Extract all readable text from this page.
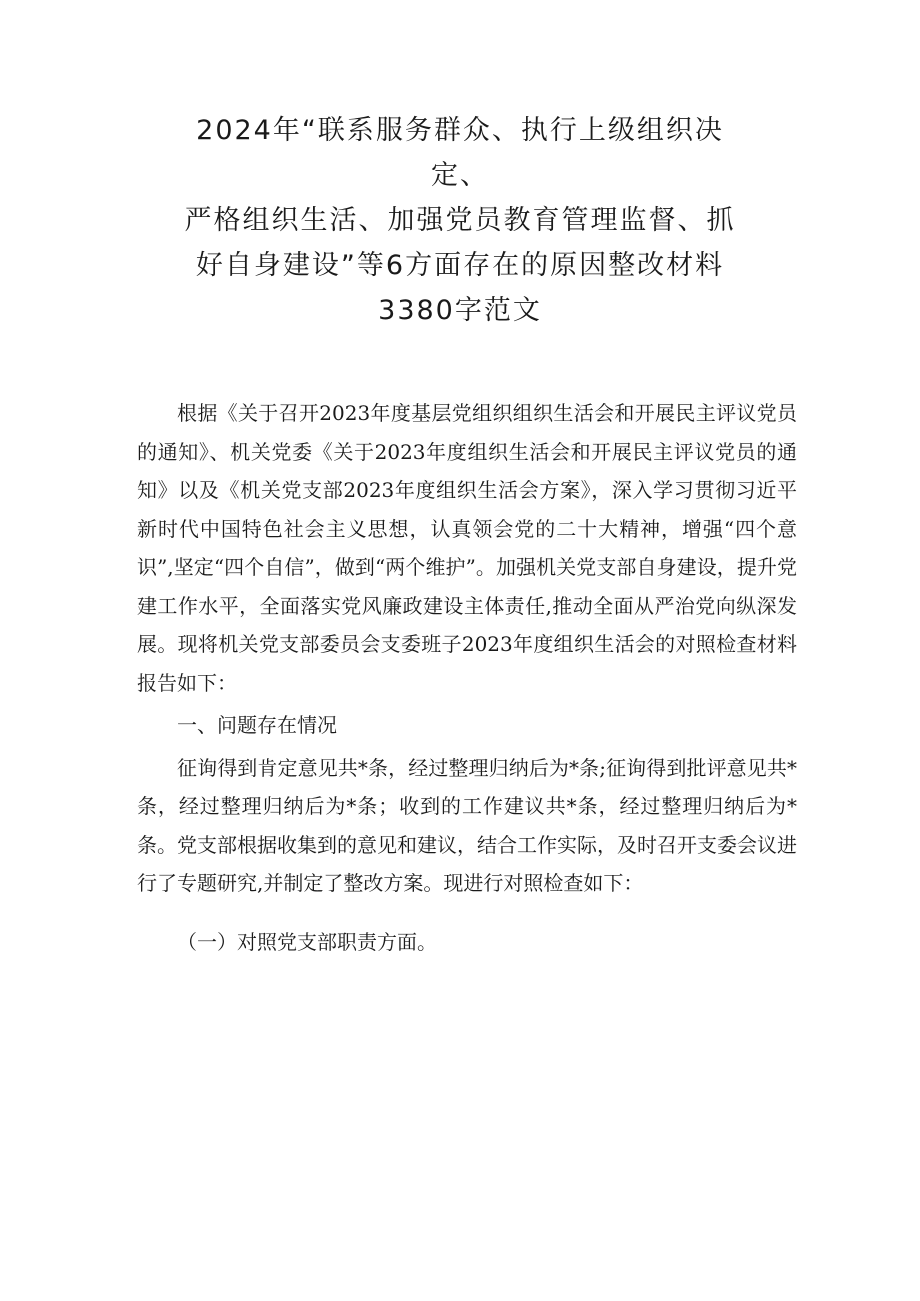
2024年“联系服务群众、执行上级组织决
定、
严格组织生活、加强党员教育管理监督、抓
好自身建设”等6方面存在的原因整改材料
3380字范文

根据《关于召开2023年度基层党组织组织生活会和开展民主评议党员的通知》、机关党委《关于2023年度组织生活会和开展民主评议党员的通知》以及《机关党支部2023年度组织生活会方案》，深入学习贯彻习近平新时代中国特色社会主义思想，认真领会党的二十大精神，增强“四个意识”,坚定“四个自信”，做到“两个维护”。加强机关党支部自身建设，提升党建工作水平，全面落实党风廉政建设主体责任,推动全面从严治党向纵深发展。现将机关党支部委员会支委班子2023年度组织生活会的对照检查材料报告如下：

一、问题存在情况

征询得到肯定意见共*条，经过整理归纳后为*条;征询得到批评意见共*条，经过整理归纳后为*条；收到的工作建议共*条，经过整理归纳后为*条。党支部根据收集到的意见和建议，结合工作实际，及时召开支委会议进行了专题研究,并制定了整改方案。现进行对照检查如下：

（一）对照党支部职责方面。
